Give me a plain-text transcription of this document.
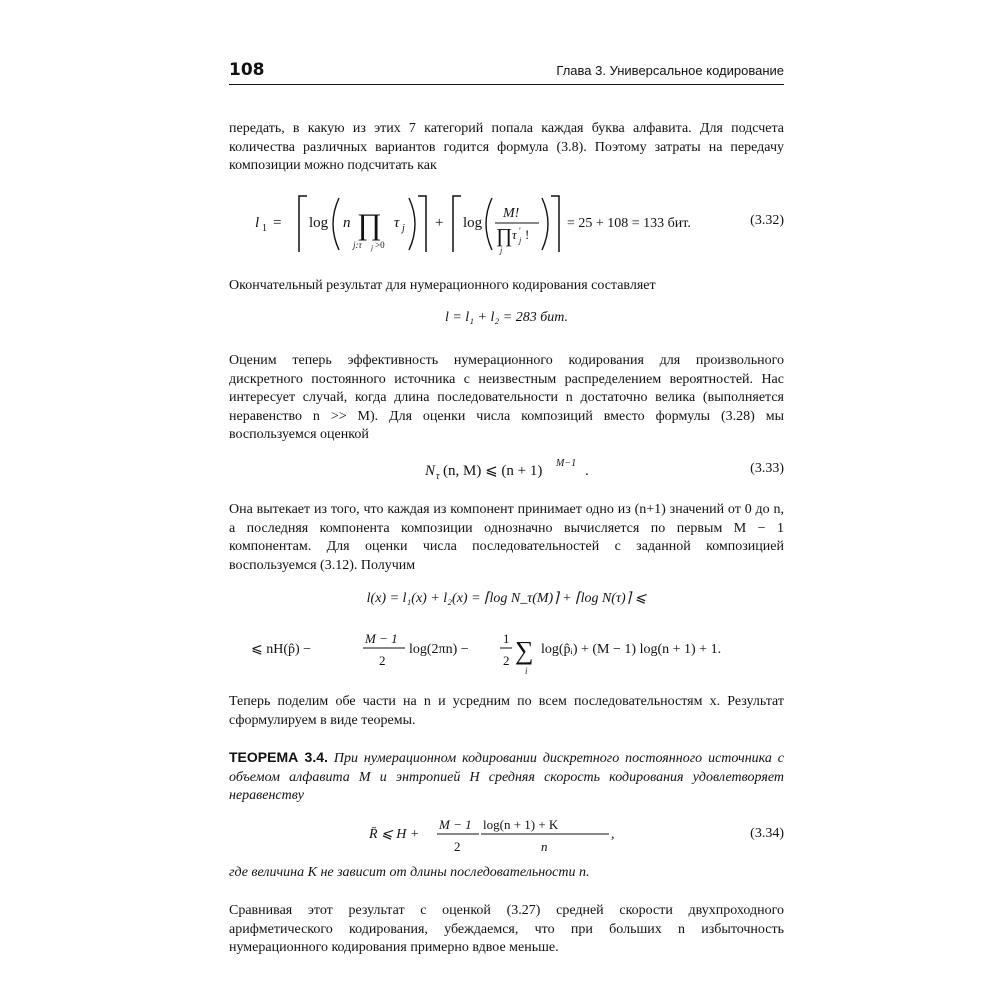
108	Глава 3. Универсальное кодирование

передать, в какую из этих 7 категорий попала каждая буква алфавита. Для подсчета количества различных вариантов годится формула (3.8). Поэтому затраты на передачу композиции можно подсчитать как

l 1 = log n ∏
j:τ j >0
τ j + log
M!
∏
j
τ ′
j !
= 25 + 108 = 133 бит.	(3.32)

Окончательный результат для нумерационного кодирования составляет

l = l₁ + l₂ = 283 бит.

Оценим теперь эффективность нумерационного кодирования для произвольного дискретного постоянного источника с неизвестным распределением вероятностей. Нас интересует случай, когда длина последовательности n достаточно велика (выполняется неравенство n >> M). Для оценки числа композиций вместо формулы (3.28) мы воспользуемся оценкой

N τ (n, M) ⩽ (n + 1) M−1 .	(3.33)

Она вытекает из того, что каждая из компонент принимает одно из (n+1) значений от 0 до n, а последняя компонента композиции однозначно вычисляется по первым M − 1 компонентам. Для оценки числа последовательностей с заданной композицией воспользуемся (3.12). Получим

l(x) = l₁(x) + l₂(x) = ⌈log N_τ(M)⌉ + ⌈log N(τ)⌉ ⩽
⩽ nH(p̂) −
M − 1
2
log(2πn) −
1
2 ∑
i
log(p̂ᵢ) + (M − 1) log(n + 1) + 1.

Теперь поделим обе части на n и усредним по всем последовательностям x. Результат сформулируем в виде теоремы.

ТЕОРЕМА 3.4. При нумерационном кодировании дискретного постоянного источника с объемом алфавита M и энтропией H средняя скорость кодирования удовлетворяет неравенству

R̄ ⩽ H +
M − 1
2
log(n + 1) + K
n
,	(3.34)

где величина K не зависит от длины последовательности n.

Сравнивая этот результат с оценкой (3.27) средней скорости двухпроходного арифметического кодирования, убеждаемся, что при больших n избыточность нумерационного кодирования примерно вдвое меньше.
